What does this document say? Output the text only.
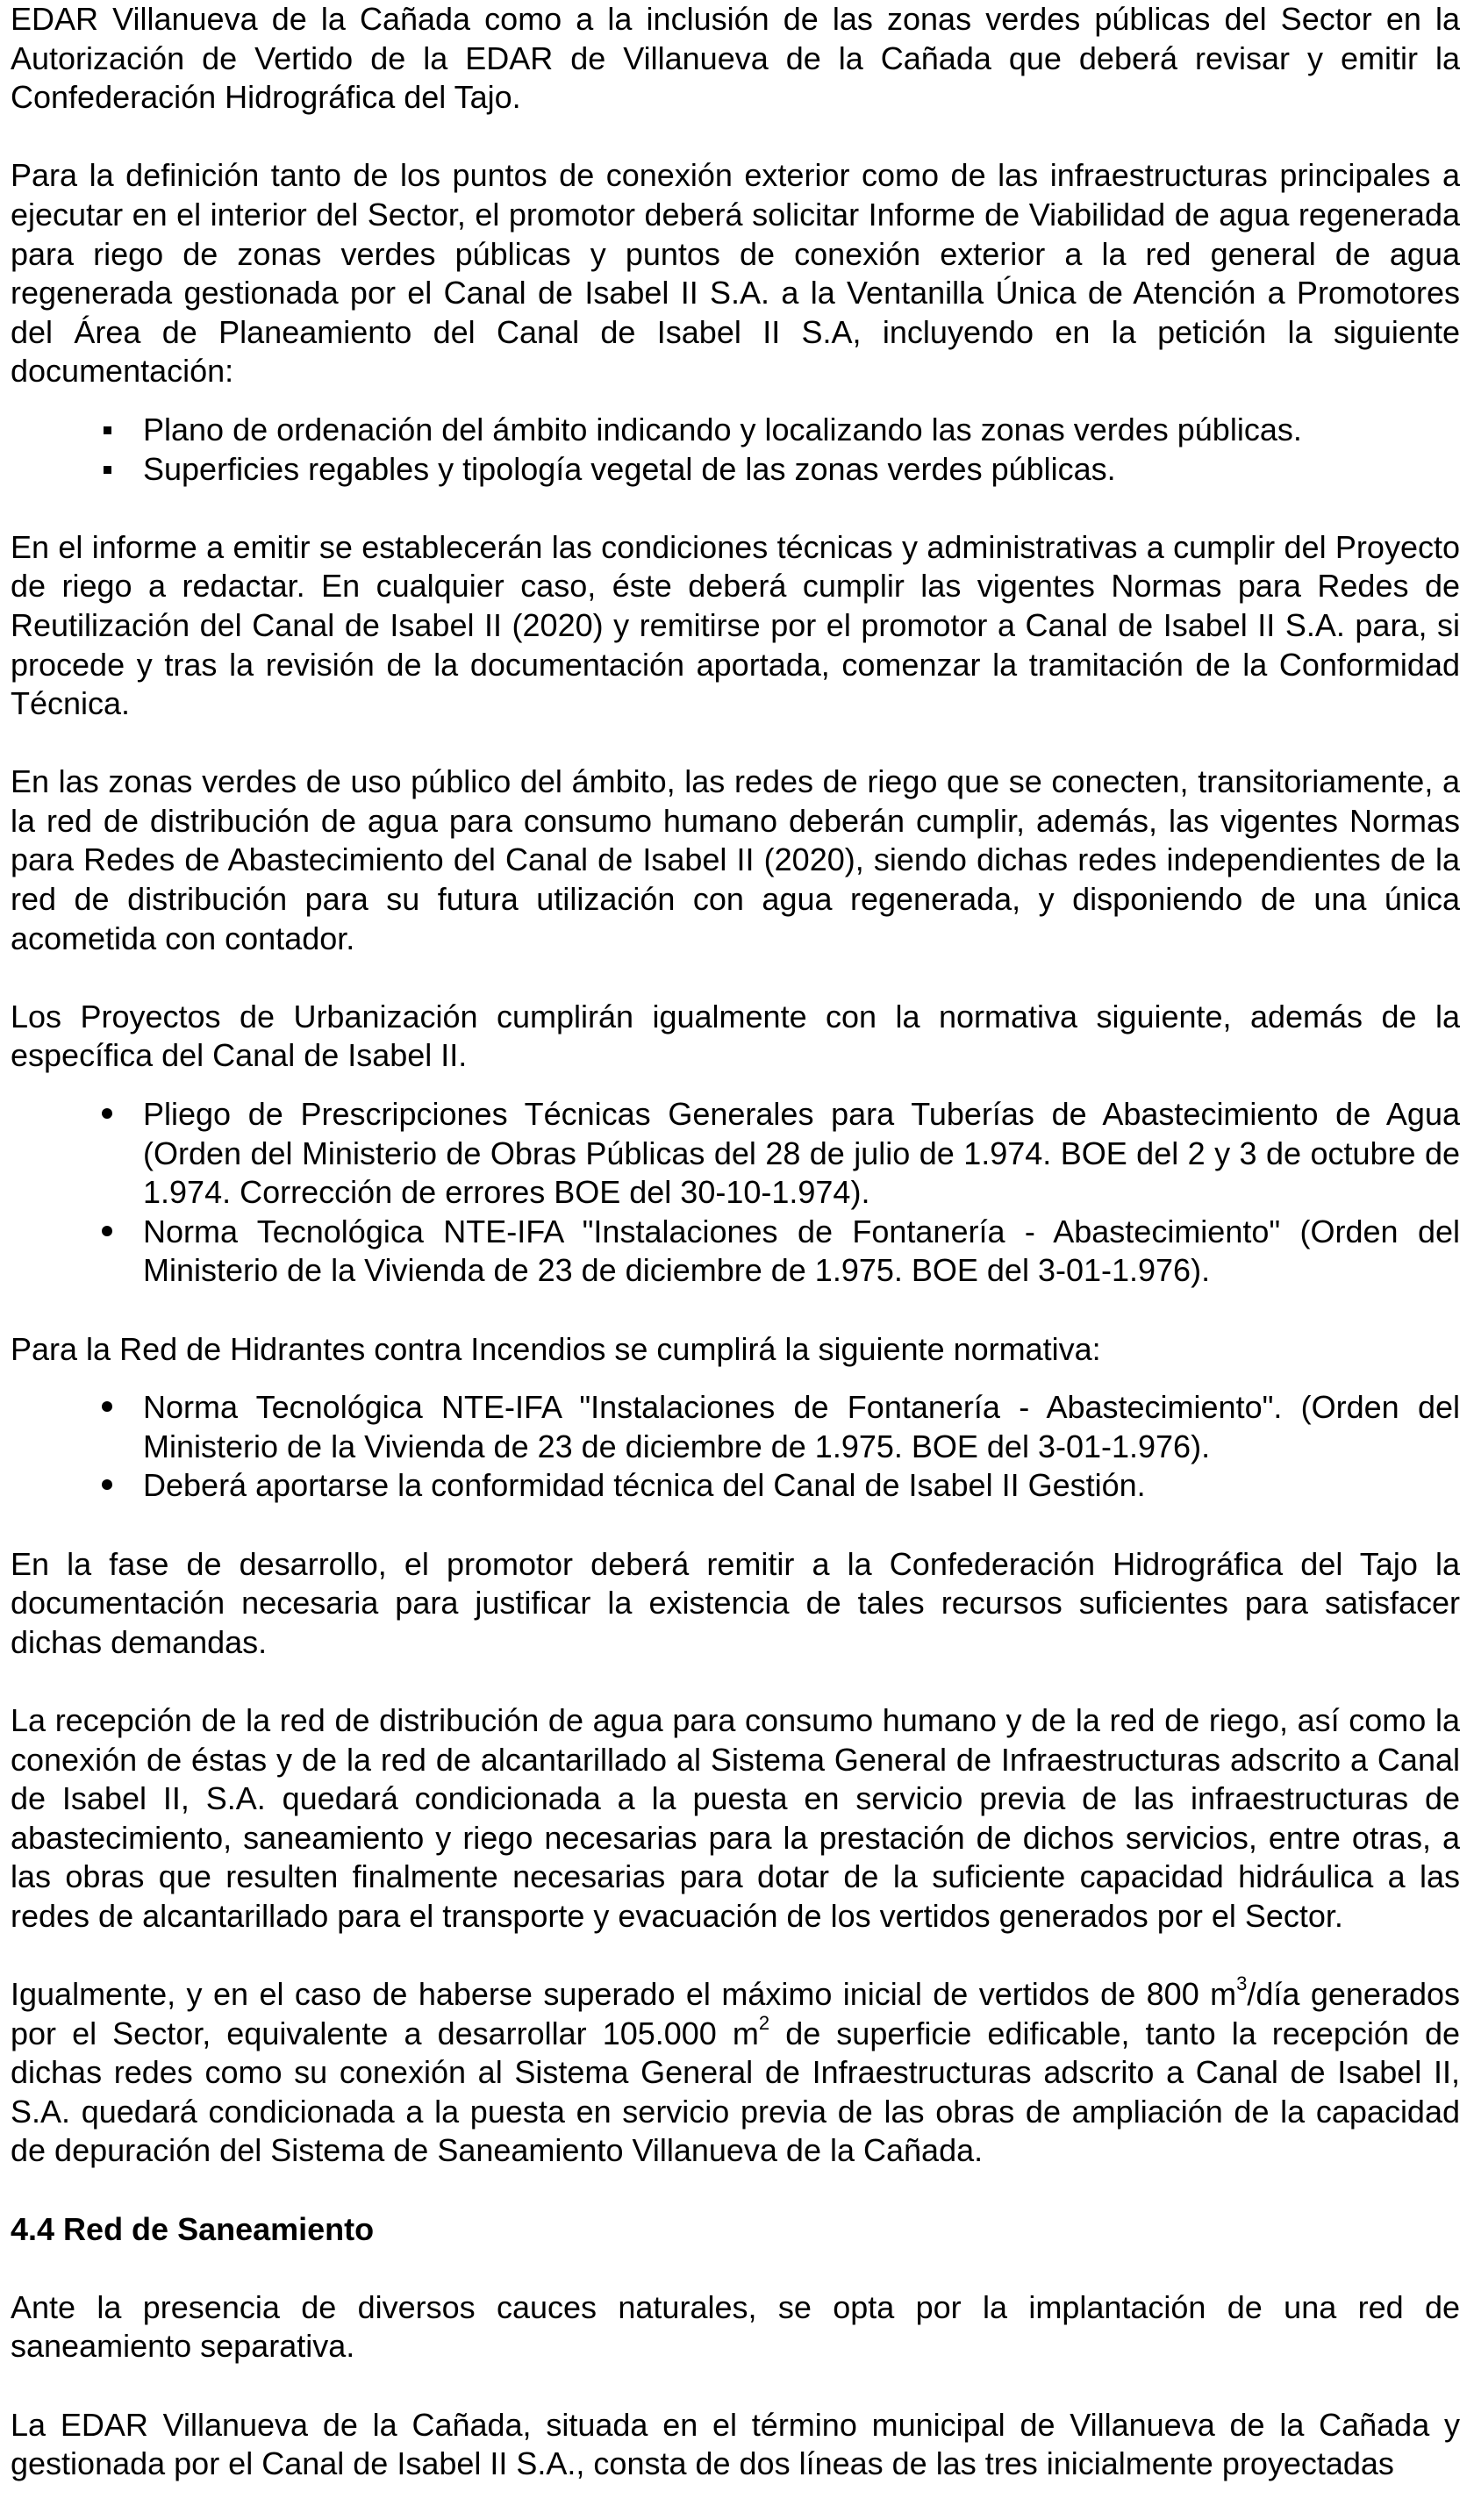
EDAR Villanueva de la Cañada como a la inclusión de las zonas verdes públicas del Sector en la Autorización de Vertido de la EDAR de Villanueva de la Cañada que deberá revisar y emitir la Confederación Hidrográfica del Tajo.

Para la definición tanto de los puntos de conexión exterior como de las infraestructuras principales a ejecutar en el interior del Sector, el promotor deberá solicitar Informe de Viabilidad de agua regenerada para riego de zonas verdes públicas y puntos de conexión exterior a la red general de agua regenerada gestionada por el Canal de Isabel II S.A. a la Ventanilla Única de Atención a Promotores del Área de Planeamiento del Canal de Isabel II S.A, incluyendo en la petición la siguiente documentación:

Plano de ordenación del ámbito indicando y localizando las zonas verdes públicas.
Superficies regables y tipología vegetal de las zonas verdes públicas.

En el informe a emitir se establecerán las condiciones técnicas y administrativas a cumplir del Proyecto de riego a redactar. En cualquier caso, éste deberá cumplir las vigentes Normas para Redes de Reutilización del Canal de Isabel II (2020) y remitirse por el promotor a Canal de Isabel II S.A. para, si procede y tras la revisión de la documentación aportada, comenzar la tramitación de la Conformidad Técnica.

En las zonas verdes de uso público del ámbito, las redes de riego que se conecten, transitoriamente, a la red de distribución de agua para consumo humano deberán cumplir, además, las vigentes Normas para Redes de Abastecimiento del Canal de Isabel II (2020), siendo dichas redes independientes de la red de distribución para su futura utilización con agua regenerada, y disponiendo de una única acometida con contador.

Los Proyectos de Urbanización cumplirán igualmente con la normativa siguiente, además de la específica del Canal de Isabel II.

Pliego de Prescripciones Técnicas Generales para Tuberías de Abastecimiento de Agua (Orden del Ministerio de Obras Públicas del 28 de julio de 1.974. BOE del 2 y 3 de octubre de 1.974. Corrección de errores BOE del 30-10-1.974).
Norma Tecnológica NTE-IFA "Instalaciones de Fontanería - Abastecimiento" (Orden del Ministerio de la Vivienda de 23 de diciembre de 1.975. BOE del 3-01-1.976).

Para la Red de Hidrantes contra Incendios se cumplirá la siguiente normativa:

Norma Tecnológica NTE-IFA "Instalaciones de Fontanería - Abastecimiento". (Orden del Ministerio de la Vivienda de 23 de diciembre de 1.975. BOE del 3-01-1.976).
Deberá aportarse la conformidad técnica del Canal de Isabel II Gestión.

En la fase de desarrollo, el promotor deberá remitir a la Confederación Hidrográfica del Tajo la documentación necesaria para justificar la existencia de tales recursos suficientes para satisfacer dichas demandas.

La recepción de la red de distribución de agua para consumo humano y de la red de riego, así como la conexión de éstas y de la red de alcantarillado al Sistema General de Infraestructuras adscrito a Canal de Isabel II, S.A. quedará condicionada a la puesta en servicio previa de las infraestructuras de abastecimiento, saneamiento y riego necesarias para la prestación de dichos servicios, entre otras, a las obras que resulten finalmente necesarias para dotar de la suficiente capacidad hidráulica a las redes de alcantarillado para el transporte y evacuación de los vertidos generados por el Sector.

Igualmente, y en el caso de haberse superado el máximo inicial de vertidos de 800 $m^3$/día generados por el Sector, equivalente a desarrollar 105.000 $m^2$ de superficie edificable, tanto la recepción de dichas redes como su conexión al Sistema General de Infraestructuras adscrito a Canal de Isabel II, S.A. quedará condicionada a la puesta en servicio previa de las obras de ampliación de la capacidad de depuración del Sistema de Saneamiento Villanueva de la Cañada.

4.4 Red de Saneamiento

Ante la presencia de diversos cauces naturales, se opta por la implantación de una red de saneamiento separativa.

La EDAR Villanueva de la Cañada, situada en el término municipal de Villanueva de la Cañada y gestionada por el Canal de Isabel II S.A., consta de dos líneas de las tres inicialmente proyectadas
